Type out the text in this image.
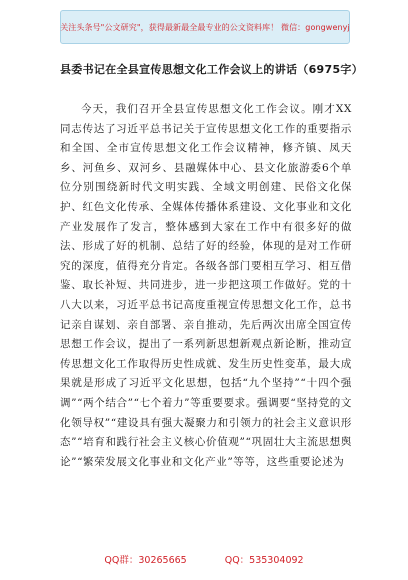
关注头条号"公文研究"，获得最新最全最专业的公文资料库！ 微信：gongwenyj
县委书记在全县宣传思想文化工作会议上的讲话（6975字）

今天，我们召开全县宣传思想文化工作会议。刚才XX同志传达了习近平总书记关于宣传思想文化工作的重要指示和全国、全市宣传思想文化工作会议精神，修齐镇、凤天乡、河鱼乡、双河乡、县融媒体中心、县文化旅游委6个单位分别围绕新时代文明实践、全域文明创建、民俗文化保护、红色文化传承、全媒体传播体系建设、文化事业和文化产业发展作了发言，整体感到大家在工作中有很多好的做法、形成了好的机制、总结了好的经验，体现的是对工作研究的深度，值得充分肯定。各级各部门要相互学习、相互借鉴、取长补短、共同进步，进一步把这项工作做好。党的十八大以来，习近平总书记高度重视宣传思想文化工作，总书记亲自谋划、亲自部署、亲自推动，先后两次出席全国宣传思想工作会议，提出了一系列新思想新观点新论断，推动宣传思想文化工作取得历史性成就、发生历史性变革，最大成果就是形成了习近平文化思想，包括“九个坚持”“十四个强调”“两个结合”“七个着力”等重要要求。强调要“坚持党的文化领导权”“建设具有强大凝聚力和引领力的社会主义意识形态”“培育和践行社会主义核心价值观”“巩固壮大主流思想舆论”“繁荣发展文化事业和文化产业”等等，这些重要论述为

QQ群：30265665	QQ：535304092
